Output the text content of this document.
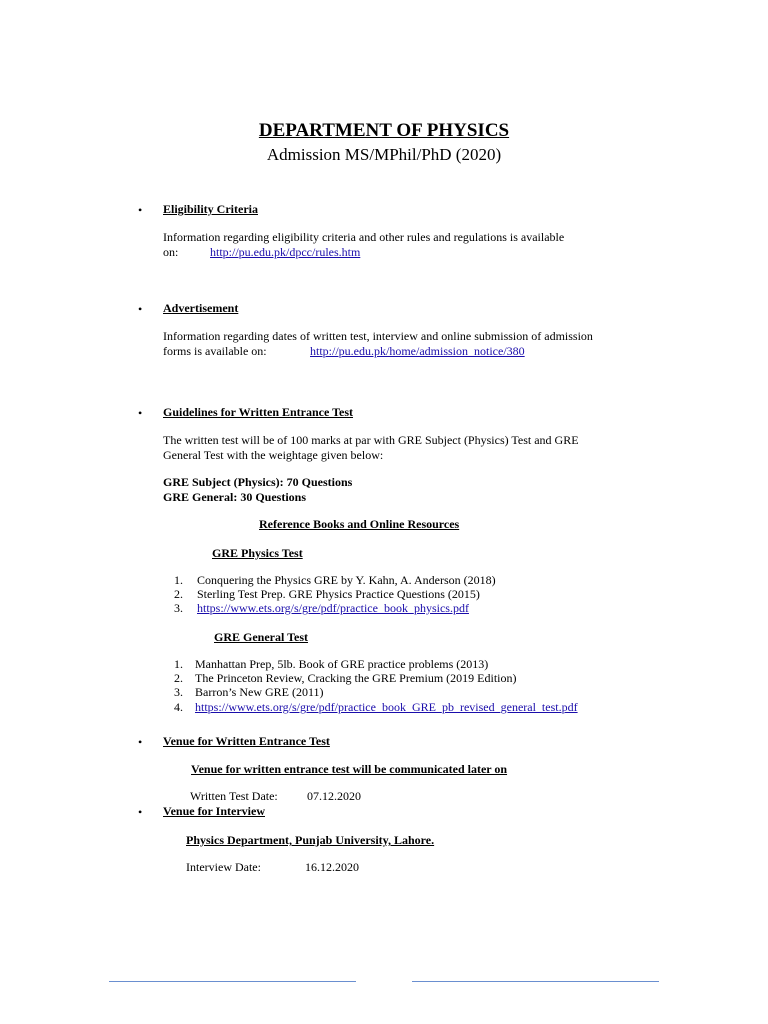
DEPARTMENT OF PHYSICS
Admission MS/MPhil/PhD (2020)
• Eligibility Criteria
Information regarding eligibility criteria and other rules and regulations is available
on:	http://pu.edu.pk/dpcc/rules.htm
• Advertisement
Information regarding dates of written test, interview and online submission of admission
forms is available on:	http://pu.edu.pk/home/admission_notice/380
• Guidelines for Written Entrance Test
The written test will be of 100 marks at par with GRE Subject (Physics) Test and GRE
General Test with the weightage given below:
GRE Subject (Physics): 70 Questions
GRE General: 30 Questions
Reference Books and Online Resources
GRE Physics Test
1. Conquering the Physics GRE by Y. Kahn, A. Anderson (2018)
2. Sterling Test Prep. GRE Physics Practice Questions (2015)
3. https://www.ets.org/s/gre/pdf/practice_book_physics.pdf
GRE General Test
1. Manhattan Prep, 5lb. Book of GRE practice problems (2013)
2. The Princeton Review, Cracking the GRE Premium (2019 Edition)
3. Barron’s New GRE (2011)
4. https://www.ets.org/s/gre/pdf/practice_book_GRE_pb_revised_general_test.pdf
• Venue for Written Entrance Test
Venue for written entrance test will be communicated later on
Written Test Date: 07.12.2020
• Venue for Interview
Physics Department, Punjab University, Lahore.
Interview Date:	16.12.2020
